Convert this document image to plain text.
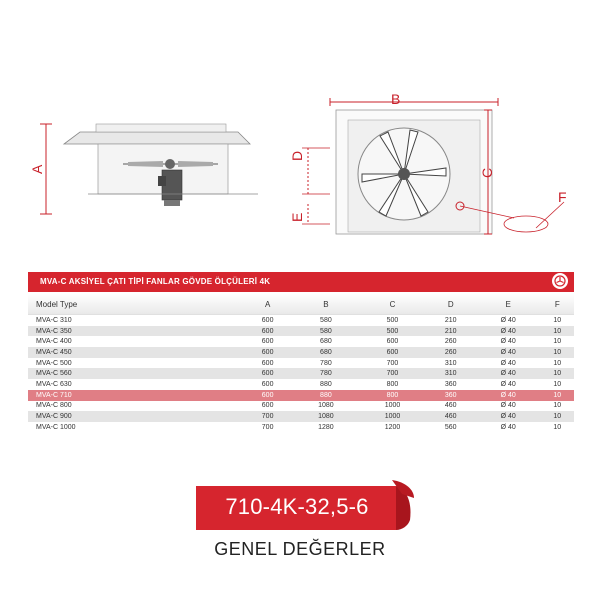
A
B
D
E
C
F
MVA-C AKSİYEL ÇATI TİPİ FANLAR GÖVDE ÖLÇÜLERİ 4K
Model Type	A	B	C	D	E	F
MVA-C 310	600	580	500	210	Ø 40	10
MVA-C 350	600	580	500	210	Ø 40	10
MVA-C 400	600	680	600	260	Ø 40	10
MVA-C 450	600	680	600	260	Ø 40	10
MVA-C 500	600	780	700	310	Ø 40	10
MVA-C 560	600	780	700	310	Ø 40	10
MVA-C 630	600	880	800	360	Ø 40	10
MVA-C 710	600	880	800	360	Ø 40	10
MVA-C 800	600	1080	1000	460	Ø 40	10
MVA-C 900	700	1080	1000	460	Ø 40	10
MVA-C 1000	700	1280	1200	560	Ø 40	10
710-4K-32,5-6
GENEL DEĞERLER
